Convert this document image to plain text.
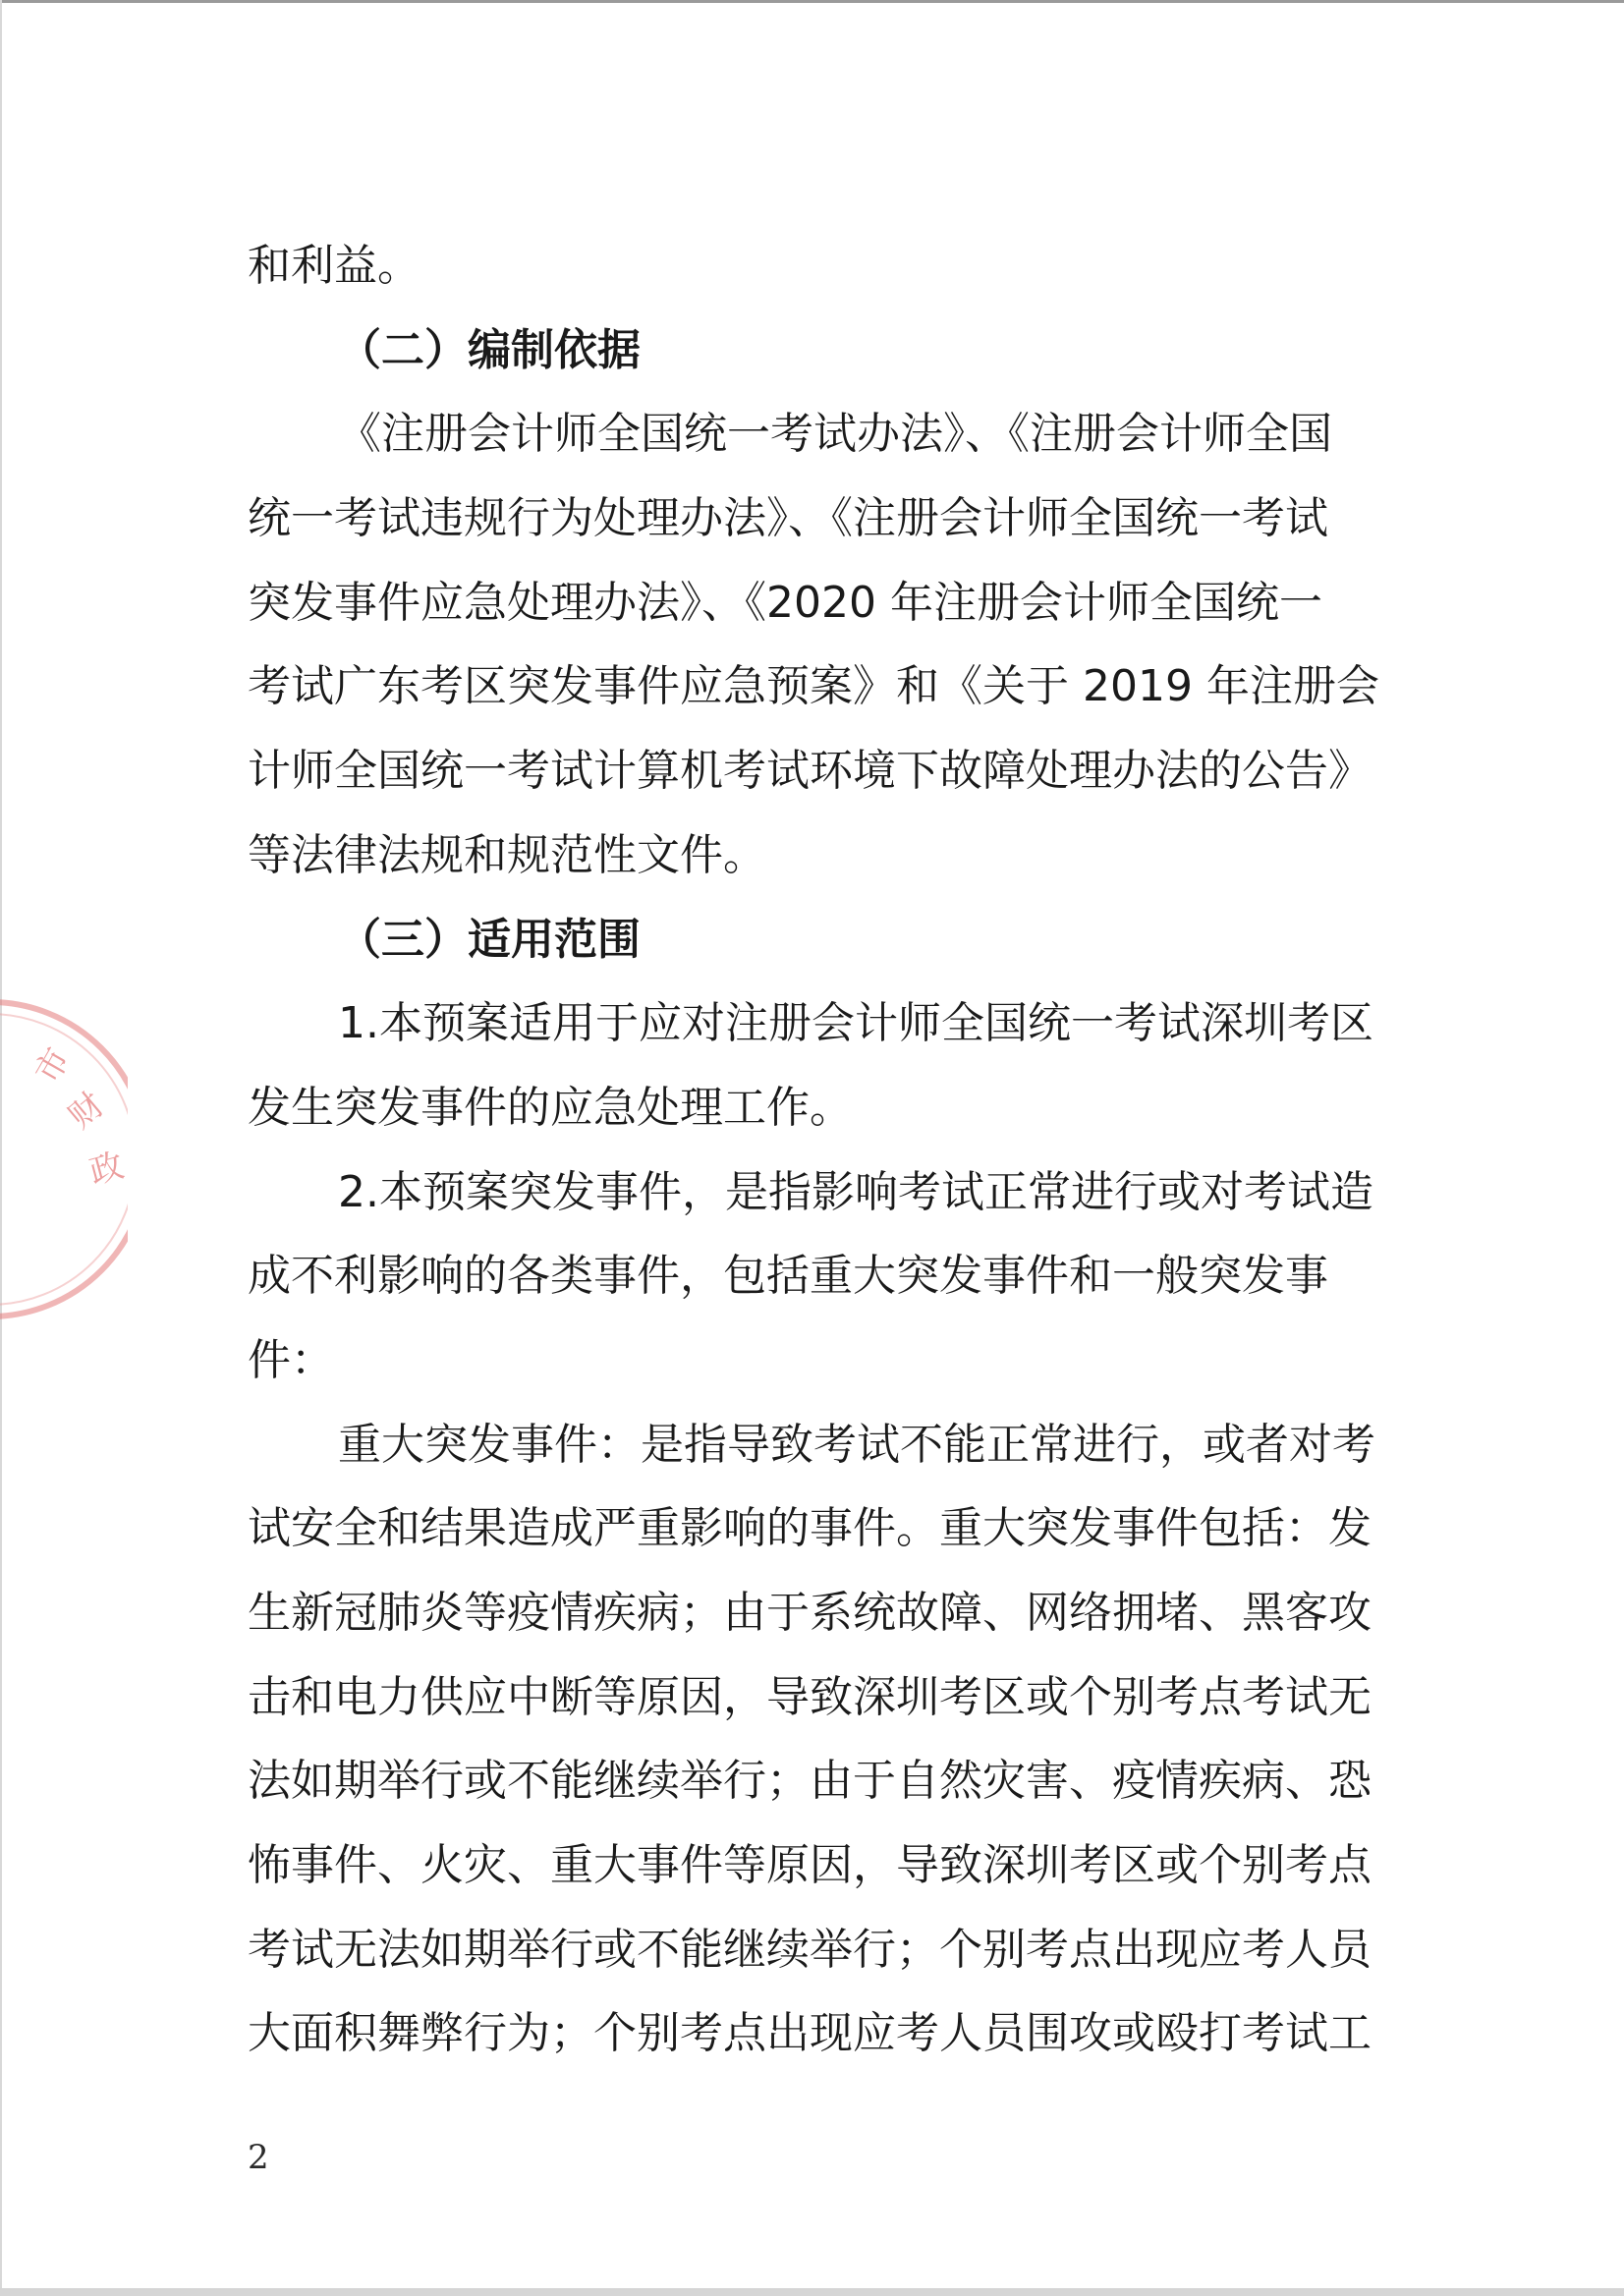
市
财
政
和利益。
（二）编制依据
《注册会计师全国统一考试办法》、《注册会计师全国
统一考试违规行为处理办法》、《注册会计师全国统一考试
突发事件应急处理办法》、《2020 年注册会计师全国统一
考试广东考区突发事件应急预案》和《关于 2019 年注册会
计师全国统一考试计算机考试环境下故障处理办法的公告》
等法律法规和规范性文件。
（三）适用范围
1.本预案适用于应对注册会计师全国统一考试深圳考区
发生突发事件的应急处理工作。
2.本预案突发事件，是指影响考试正常进行或对考试造
成不利影响的各类事件，包括重大突发事件和一般突发事
件：
重大突发事件：是指导致考试不能正常进行，或者对考
试安全和结果造成严重影响的事件。重大突发事件包括：发
生新冠肺炎等疫情疾病；由于系统故障、网络拥堵、黑客攻
击和电力供应中断等原因，导致深圳考区或个别考点考试无
法如期举行或不能继续举行；由于自然灾害、疫情疾病、恐
怖事件、火灾、重大事件等原因，导致深圳考区或个别考点
考试无法如期举行或不能继续举行；个别考点出现应考人员
大面积舞弊行为；个别考点出现应考人员围攻或殴打考试工
2
